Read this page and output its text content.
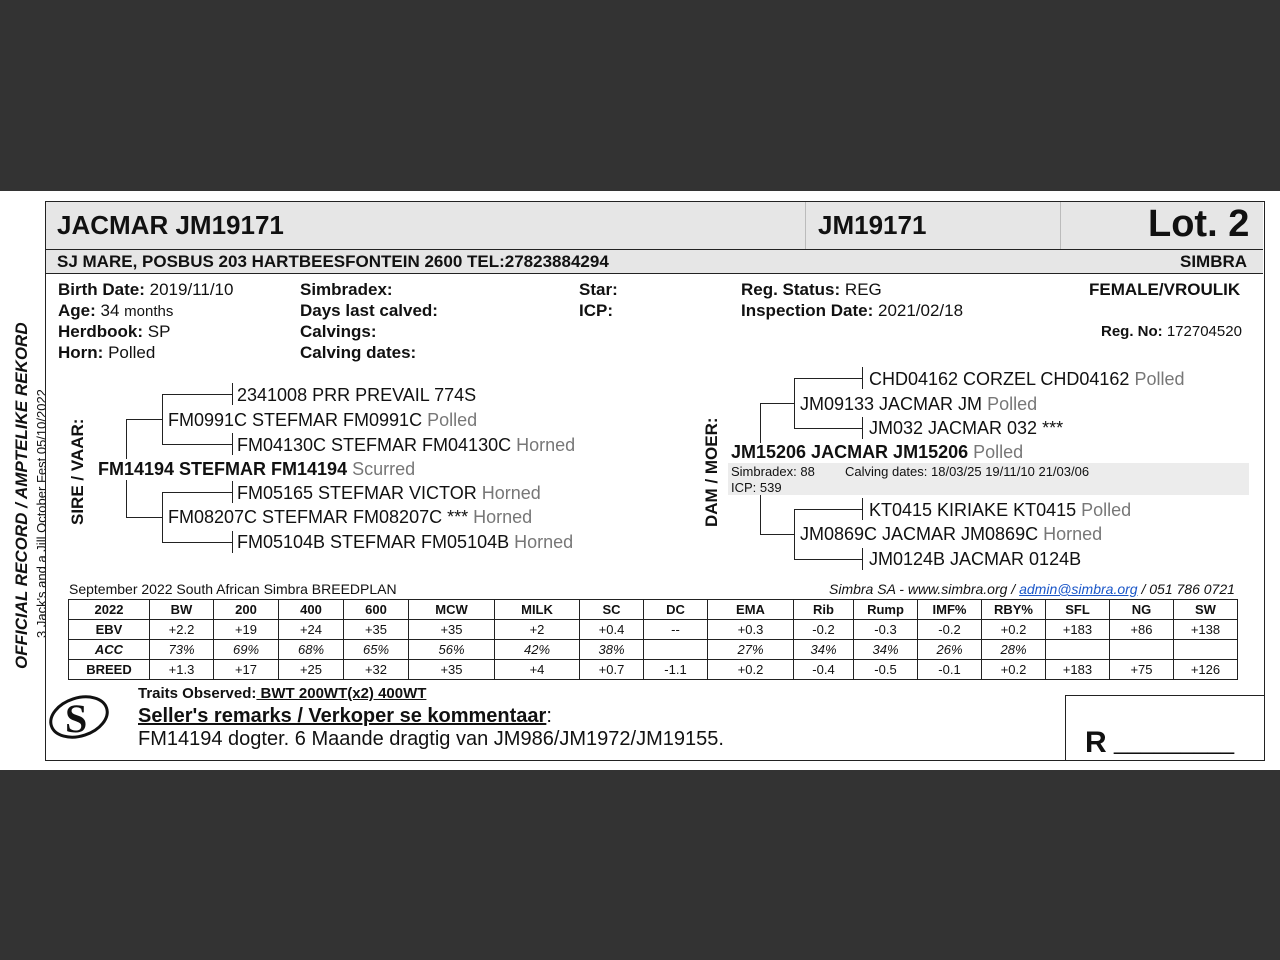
OFFICIAL RECORD / AMPTELIKE REKORD 3 Jack's and a Jill October Fest 05/10/2022
JACMAR JM19171	JM19171	Lot. 2
SJ MARE, POSBUS 203 HARTBEESFONTEIN 2600 TEL:27823884294	SIMBRA
Birth Date: 2019/11/10
Age: 34 months
Herdbook: SP
Horn: Polled
Simbradex:
Days last calved:
Calvings:
Calving dates:
Star:
ICP:
Reg. Status: REG
Inspection Date: 2021/02/18
FEMALE/VROULIK
Reg. No: 172704520
SIRE / VAAR:
2341008 PRR PREVAIL 774S
FM0991C STEFMAR FM0991C Polled
FM04130C STEFMAR FM04130C Horned
FM14194 STEFMAR FM14194 Scurred
FM05165 STEFMAR VICTOR Horned
FM08207C STEFMAR FM08207C *** Horned
FM05104B STEFMAR FM05104B Horned
DAM / MOER:
CHD04162 CORZEL CHD04162 Polled
JM09133 JACMAR JM Polled
JM032 JACMAR 032 ***
JM15206 JACMAR JM15206 Polled
Simbradex: 88 Calving dates: 18/03/25 19/11/10 21/03/06
ICP: 539
KT0415 KIRIAKE KT0415 Polled
JM0869C JACMAR JM0869C Horned
JM0124B JACMAR 0124B
September 2022 South African Simbra BREEDPLAN	Simbra SA - www.simbra.org / admin@simbra.org / 051 786 0721
2022	BW	200	400	600	MCW	MILK	SC	DC	EMA	Rib	Rump	IMF%	RBY%	SFL	NG	SW
EBV	+2.2	+19	+24	+35	+35	+2	+0.4	--	+0.3	-0.2	-0.3	-0.2	+0.2	+183	+86	+138
ACC	73%	69%	68%	65%	56%	42%	38%		27%	34%	34%	26%	28%			
BREED	+1.3	+17	+25	+32	+35	+4	+0.7	-1.1	+0.2	-0.4	-0.5	-0.1	+0.2	+183	+75	+126
S
Traits Observed: BWT 200WT(x2) 400WT
Seller's remarks / Verkoper se kommentaar:
FM14194 dogter. 6 Maande dragtig van JM986/JM1972/JM19155.	R _________
